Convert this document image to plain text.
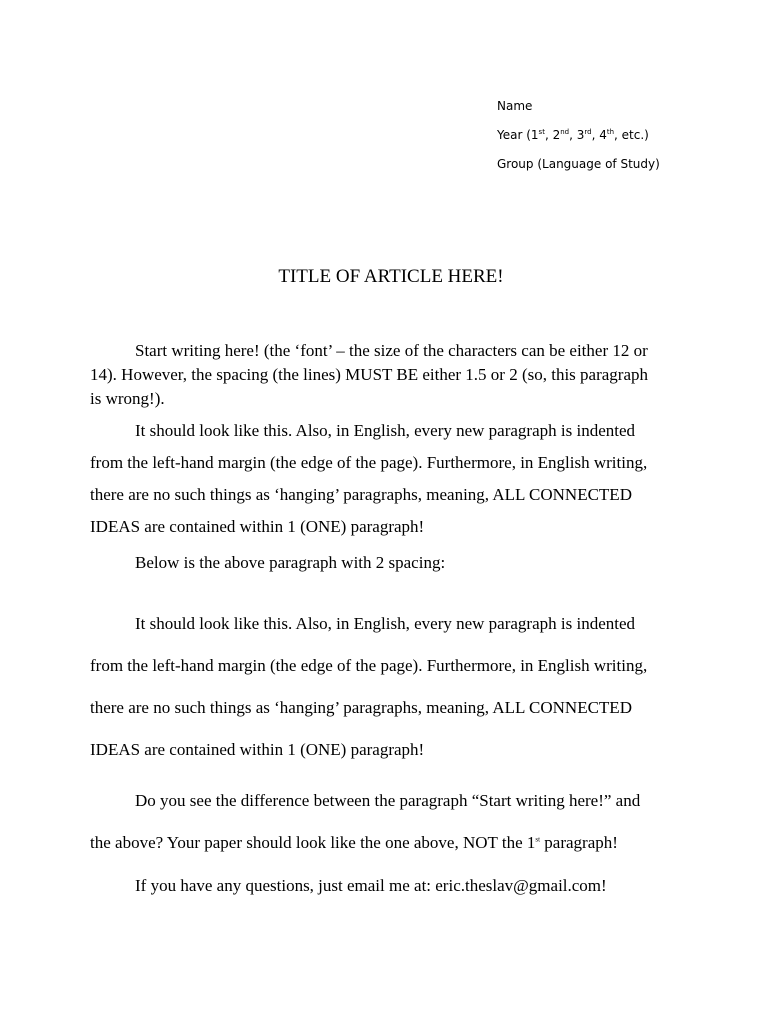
Name
Year (1st, 2nd, 3rd, 4th, etc.)
Group (Language of Study)
TITLE OF ARTICLE HERE!

Start writing here! (the ‘font’ – the size of the characters can be either 12 or
14). However, the spacing (the lines) MUST BE either 1.5 or 2 (so, this paragraph
is wrong!).

It should look like this. Also, in English, every new paragraph is indented
from the left-hand margin (the edge of the page). Furthermore, in English writing,
there are no such things as ‘hanging’ paragraphs, meaning, ALL CONNECTED
IDEAS are contained within 1 (ONE) paragraph!

Below is the above paragraph with 2 spacing:

It should look like this. Also, in English, every new paragraph is indented
from the left-hand margin (the edge of the page). Furthermore, in English writing,
there are no such things as ‘hanging’ paragraphs, meaning, ALL CONNECTED
IDEAS are contained within 1 (ONE) paragraph!

Do you see the difference between the paragraph “Start writing here!” and
the above? Your paper should look like the one above, NOT the 1st paragraph!

If you have any questions, just email me at: eric.theslav@gmail.com!
